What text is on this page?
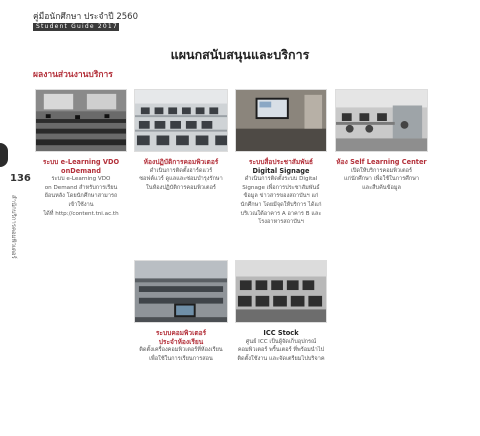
คู่มือนักศึกษา ประจำปี 2560
Student Guide 2017
แผนกสนับสนุนและบริการ
ผลงานส่วนงานบริการ
136
สํานักบริการคอมพิวเตอร์
ระบบ e-Learning VDO
onDemand
ระบบ e-Learning VDO
on Demand สำหรับการเรียน
ย้อนหลัง โดยนักศึกษาสามารถ
เข้าใช้งาน
ได้ที่ http://content.tni.ac.th
ห้องปฏิบัติการคอมพิวเตอร์
ดำเนินการติดตั้งฮาร์ดแวร์
ซอฟต์แวร์ ดูแลและซ่อมบำรุงรักษา
ในห้องปฏิบัติการคอมพิวเตอร์
ระบบสื่อประชาสัมพันธ์
Digital Signage
ดำเนินการติดตั้งระบบ Digital
Signage เพื่อการประชาสัมพันธ์
ข้อมูล ข่าวสารของสถาบันฯ แก่
นักศึกษา โดยมีจุดให้บริการ ได้แก่
บริเวณใต้อาคาร A อาคาร B และ
โรงอาหารสถาบันฯ
ห้อง Self Learning Center
เปิดให้บริการคอมพิวเตอร์
แก่นักศึกษา เพื่อใช้ในการศึกษา
และสืบค้นข้อมูล
ระบบคอมพิวเตอร์
ประจำห้องเรียน
ติดตั้งเครื่องคอมพิวเตอร์ที่ห้องเรียน
เพื่อใช้ในการเรียนการสอน
ICC Stock
ศูนย์ ICC เป็นผู้จัดเก็บอุปกรณ์
คอมพิวเตอร์ พริ้นเตอร์ ที่พร้อมนำไป
ติดตั้งใช้งาน และจัดเตรียมไปบริจาค
